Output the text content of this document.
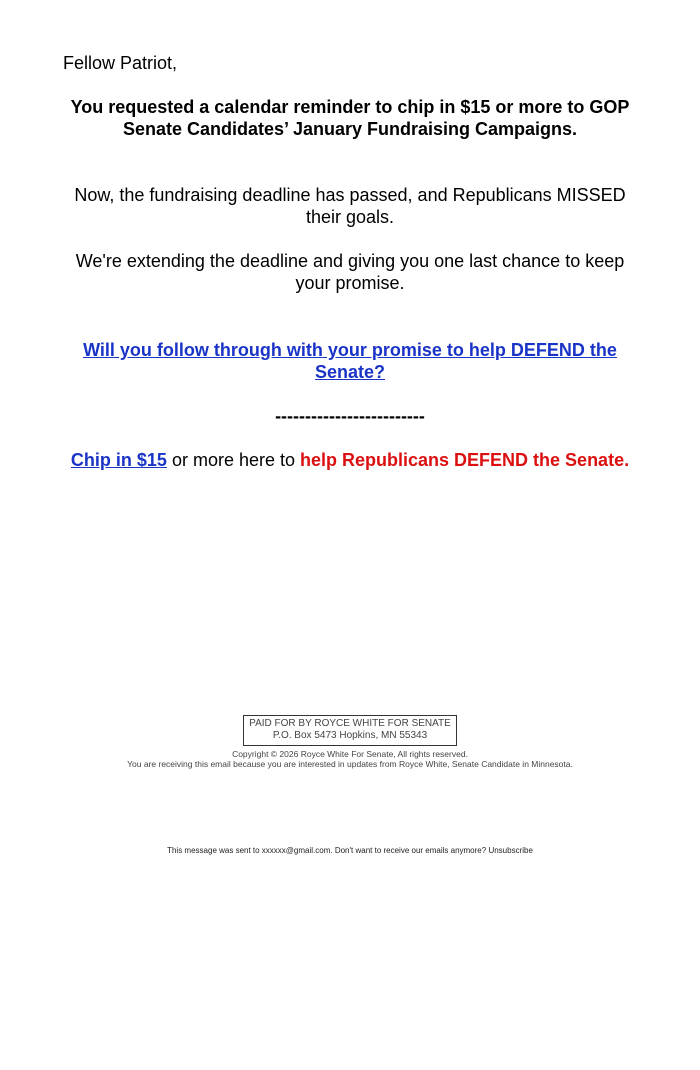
Fellow Patriot,
You requested a calendar reminder to chip in $15 or more to GOP Senate Candidates’ January Fundraising Campaigns.
Now, the fundraising deadline has passed, and Republicans MISSED their goals.
We're extending the deadline and giving you one last chance to keep your promise.
Will you follow through with your promise to help DEFEND the Senate?
-------------------------
Chip in $15 or more here to help Republicans DEFEND the Senate.
PAID FOR BY ROYCE WHITE FOR SENATE
P.O. Box 5473 Hopkins, MN 55343
Copyright © 2026 Royce White For Senate, All rights reserved.
You are receiving this email because you are interested in updates from Royce White, Senate Candidate in Minnesota.
This message was sent to xxxxxx@gmail.com. Don't want to receive our emails anymore? Unsubscribe
